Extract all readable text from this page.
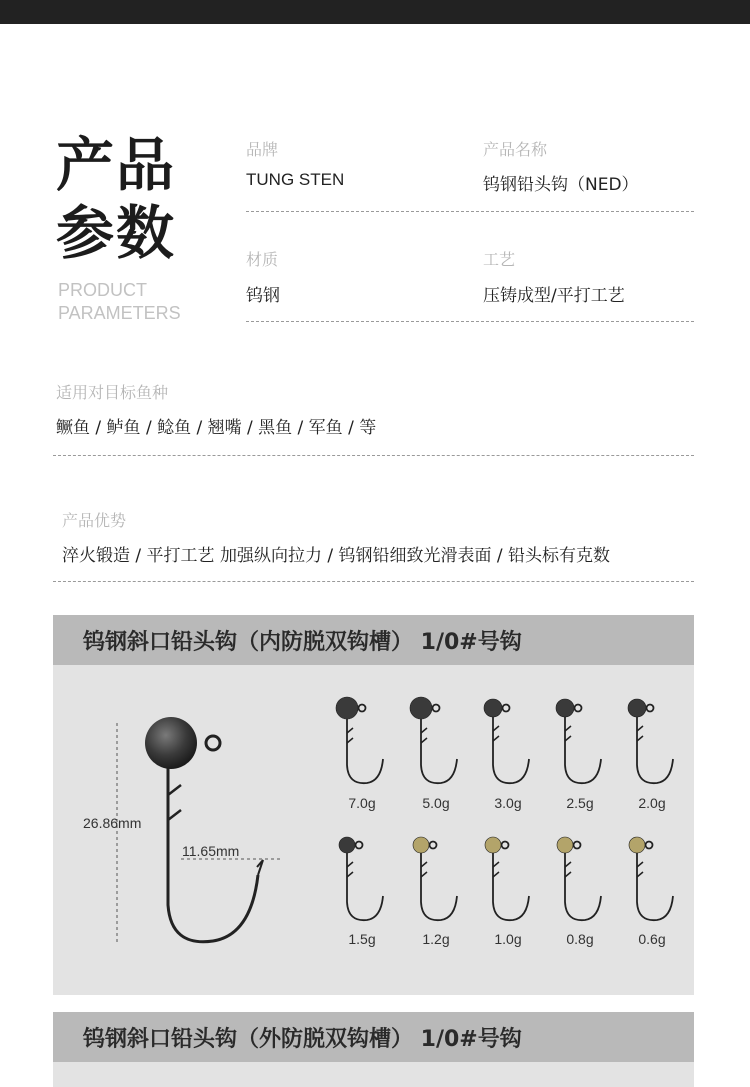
产品
参数
PRODUCT
PARAMETERS
品牌
TUNG STEN
产品名称
钨钢铅头钩（NED）
材质
钨钢
工艺
压铸成型/平打工艺
适用对目标鱼种
鳜鱼 / 鲈鱼 / 鲶鱼 / 翘嘴 / 黑鱼 / 军鱼 / 等
产品优势
淬火锻造 / 平打工艺 加强纵向拉力 / 钨钢铅细致光滑表面 / 铅头标有克数
钨钢斜口铅头钩（内防脱双钩槽） 1/0#号钩
26.86mm
11.65mm
7.0g	5.0g	3.0g	2.5g	2.0g
1.5g	1.2g	1.0g	0.8g	0.6g
钨钢斜口铅头钩（外防脱双钩槽） 1/0#号钩
